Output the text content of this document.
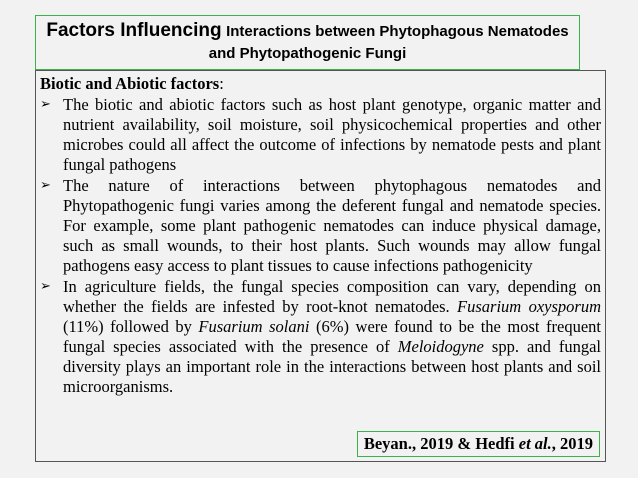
Factors Influencing Interactions between Phytophagous Nematodes
and Phytopathogenic Fungi
Biotic and Abiotic factors:
➢ The biotic and abiotic factors such as host plant genotype, organic matter and nutrient availability, soil moisture, soil physicochemical properties and other microbes could all affect the outcome of infections by nematode pests and plant fungal pathogens
➢ The nature of interactions between phytophagous nematodes and Phytopathogenic fungi varies among the deferent fungal and nematode species. For example, some plant pathogenic nematodes can induce physical damage, such as small wounds, to their host plants. Such wounds may allow fungal pathogens easy access to plant tissues to cause infections pathogenicity
➢ In agriculture fields, the fungal species composition can vary, depending on whether the fields are infested by root-knot nematodes. Fusarium oxysporum (11%) followed by Fusarium solani (6%) were found to be the most frequent fungal species associated with the presence of Meloidogyne spp. and fungal diversity plays an important role in the interactions between host plants and soil microorganisms.
Beyan., 2019 & Hedfi et al., 2019
